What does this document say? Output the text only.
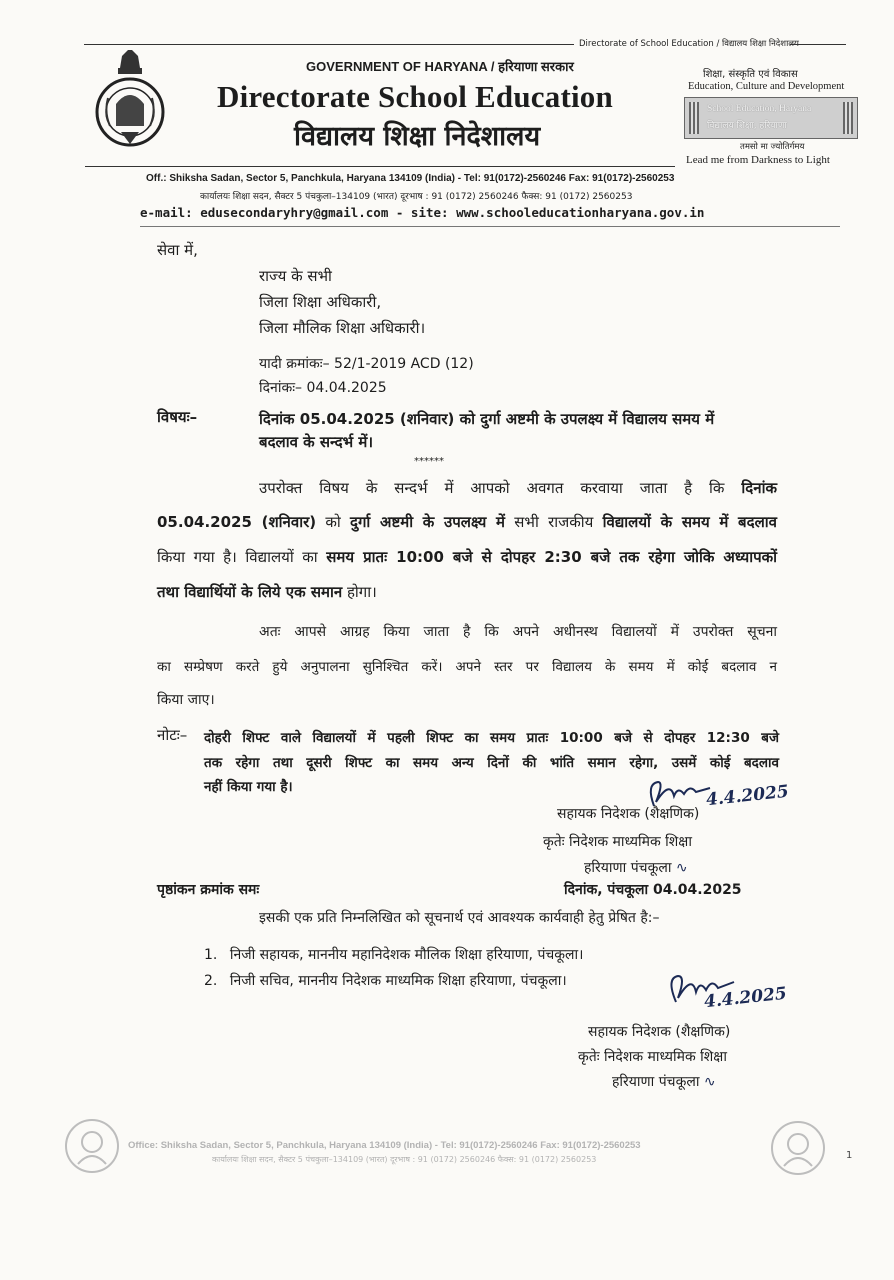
Directorate of School Education / विद्यालय शिक्षा निदेशालय
GOVERNMENT OF HARYANA / हरियाणा सरकार
Directorate School Education
विद्यालय शिक्षा निदेशालय
शिक्षा, संस्कृति एवं विकास
Education, Culture and Development
School Education, Haryana
विद्यालय शिक्षा, हरियाणा
तमसो मा ज्योतिर्गमय
Lead me from Darkness to Light
Off.: Shiksha Sadan, Sector 5, Panchkula, Haryana 134109 (India) - Tel: 91(0172)-2560246 Fax: 91(0172)-2560253
कार्यालयः शिक्षा सदन, सैक्टर 5 पंचकुला–134109 (भारत) दूरभाष : 91 (0172) 2560246 फैक्स: 91 (0172) 2560253
e-mail: edusecondaryhry@gmail.com - site: www.schooleducationharyana.gov.in
सेवा में,
राज्य के सभी
जिला शिक्षा अधिकारी,
जिला मौलिक शिक्षा अधिकारी।
यादी क्रमांकः– 52/1-2019 ACD (12)
दिनांकः– 04.04.2025
विषयः–	दिनांक 05.04.2025 (शनिवार) को दुर्गा अष्टमी के उपलक्ष्य में विद्यालय समय में
बदलाव के सन्दर्भ में।
******
उपरोक्त विषय के सन्दर्भ में आपको अवगत करवाया जाता है कि दिनांक
05.04.2025 (शनिवार) को दुर्गा अष्टमी के उपलक्ष्य में सभी राजकीय विद्यालयों के समय में बदलाव
किया गया है। विद्यालयों का समय प्रातः 10:00 बजे से दोपहर 2:30 बजे तक रहेगा जोकि अध्यापकों
तथा विद्यार्थियों के लिये एक समान होगा।
अतः आपसे आग्रह किया जाता है कि अपने अधीनस्थ विद्यालयों में उपरोक्त सूचना
का सम्प्रेषण करते हुये अनुपालना सुनिश्चित करें। अपने स्तर पर विद्यालय के समय में कोई बदलाव न
किया जाए।
नोटः– दोहरी शिफ्ट वाले विद्यालयों में पहली शिफ्ट का समय प्रातः 10:00 बजे से दोपहर 12:30 बजे
तक रहेगा तथा दूसरी शिफ्ट का समय अन्य दिनों की भांति समान रहेगा, उसमें कोई बदलाव
नहीं किया गया है।	4.4.2025
सहायक निदेशक (शैक्षणिक)
कृतेः निदेशक माध्यमिक शिक्षा
हरियाणा पंचकूला ∿
पृष्ठांकन क्रमांक समः	दिनांक, पंचकूला 04.04.2025
इसकी एक प्रति निम्नलिखित को सूचनार्थ एवं आवश्यक कार्यवाही हेतु प्रेषित है:–
1. निजी सहायक, माननीय महानिदेशक मौलिक शिक्षा हरियाणा, पंचकूला।
2. निजी सचिव, माननीय निदेशक माध्यमिक शिक्षा हरियाणा, पंचकूला।
4.4.2025
सहायक निदेशक (शैक्षणिक)
कृतेः निदेशक माध्यमिक शिक्षा
हरियाणा पंचकूला ∿
Office: Shiksha Sadan, Sector 5, Panchkula, Haryana 134109 (India) - Tel: 91(0172)-2560246 Fax: 91(0172)-2560253
कार्यालयः शिक्षा सदन, सैक्टर 5 पंचकुला–134109 (भारत) दूरभाष : 91 (0172) 2560246 फैक्स: 91 (0172) 2560253	1
